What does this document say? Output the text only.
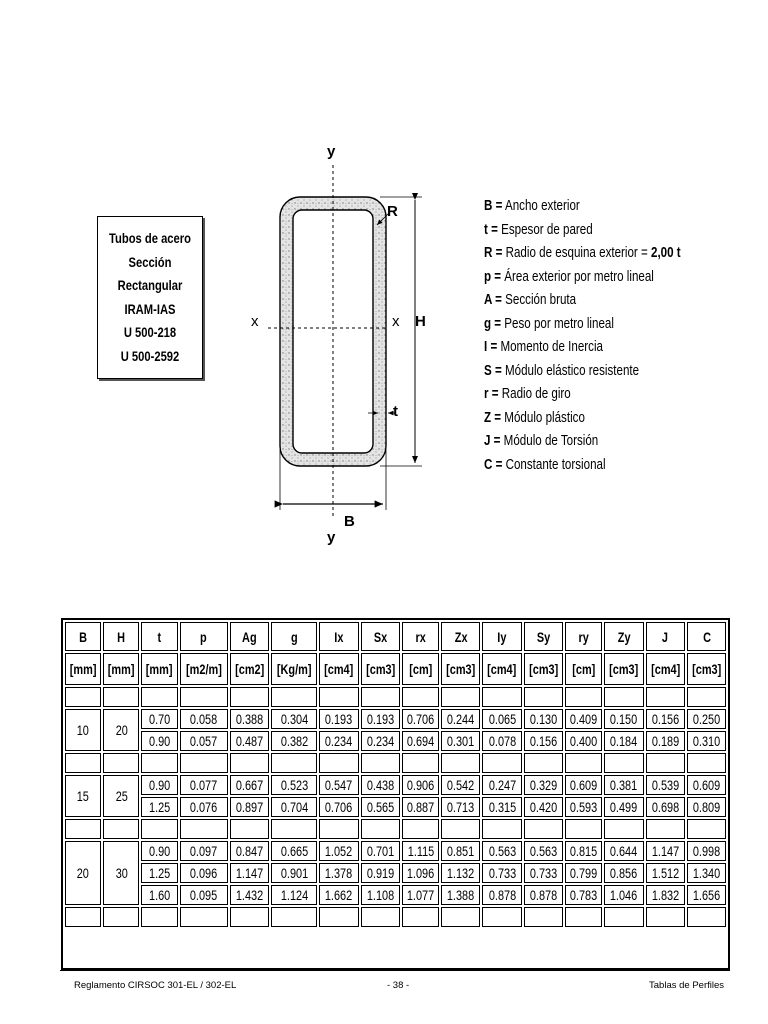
Tubos de acero
Sección
Rectangular
IRAM-IAS
U 500-218
U 500-2592
y
y
x	x
R
H
t
B
B = Ancho exterior
t = Espesor de pared
R = Radio de esquina exterior = 2,00 t
p = Área exterior por metro lineal
A = Sección bruta
g = Peso por metro lineal
I = Momento de Inercia
S = Módulo elástico resistente
r = Radio de giro
Z = Módulo plástico
J = Módulo de Torsión
C = Constante torsional
B	H	t	p	Ag	g	Ix	Sx	rx	Zx	Iy	Sy	ry	Zy	J	C
[mm]	[mm]	[mm]	[m2/m]	[cm2]	[Kg/m]	[cm4]	[cm3]	[cm]	[cm3]	[cm4]	[cm3]	[cm]	[cm3]	[cm4]	[cm3]

10	20	0.70	0.058	0.388	0.304	0.193	0.193	0.706	0.244	0.065	0.130	0.409	0.150	0.156	0.250
		0.90	0.057	0.487	0.382	0.234	0.234	0.694	0.301	0.078	0.156	0.400	0.184	0.189	0.310

15	25	0.90	0.077	0.667	0.523	0.547	0.438	0.906	0.542	0.247	0.329	0.609	0.381	0.539	0.609
		1.25	0.076	0.897	0.704	0.706	0.565	0.887	0.713	0.315	0.420	0.593	0.499	0.698	0.809

20	30	0.90	0.097	0.847	0.665	1.052	0.701	1.115	0.851	0.563	0.563	0.815	0.644	1.147	0.998
		1.25	0.096	1.147	0.901	1.378	0.919	1.096	1.132	0.733	0.733	0.799	0.856	1.512	1.340
		1.60	0.095	1.432	1.124	1.662	1.108	1.077	1.388	0.878	0.878	0.783	1.046	1.832	1.656

Reglamento CIRSOC 301-EL / 302-EL	- 38 -	Tablas de Perfiles
